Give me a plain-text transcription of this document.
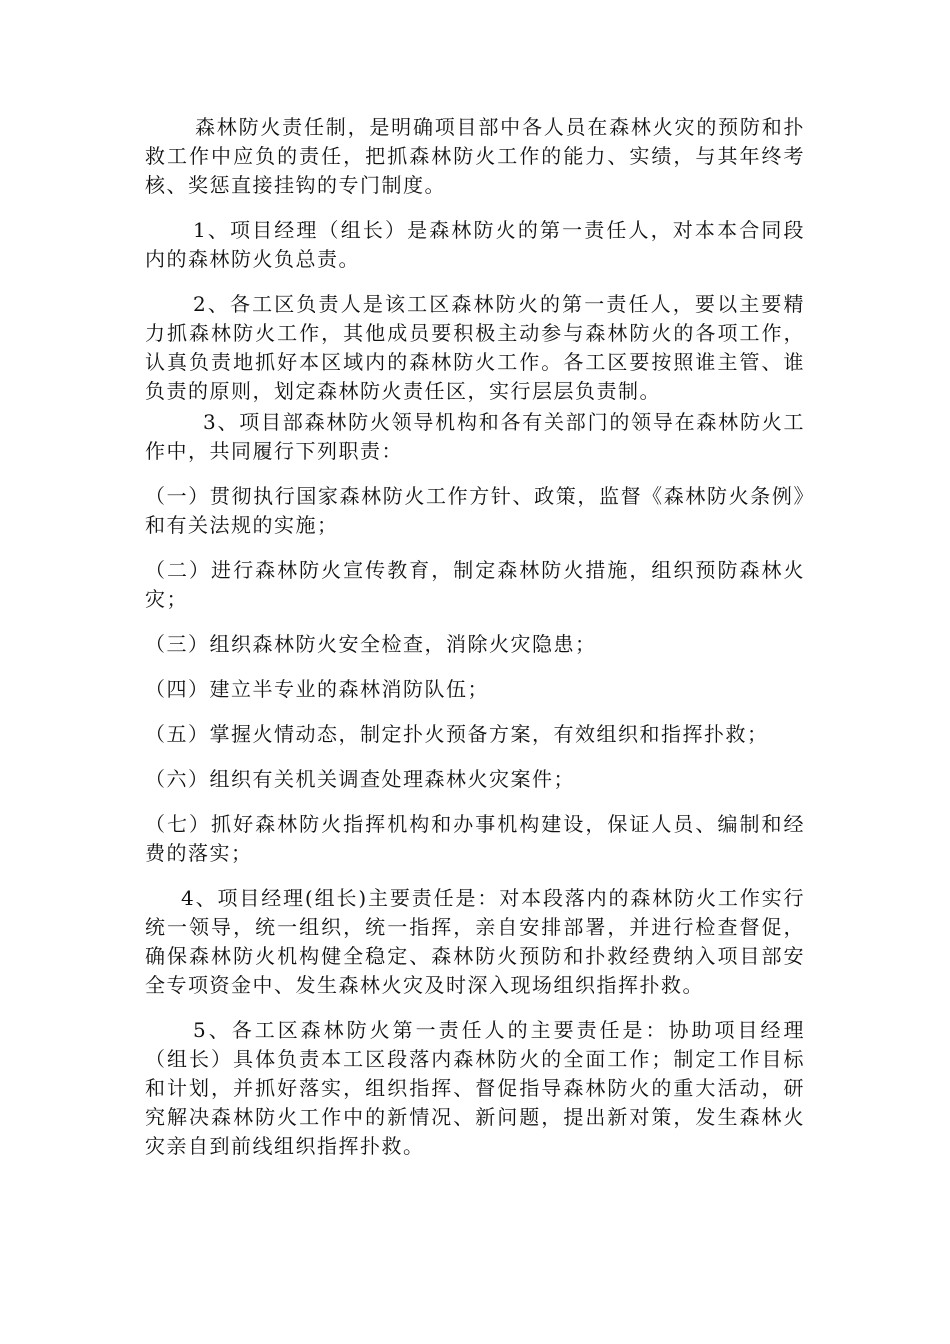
森林防火责任制，是明确项目部中各人员在森林火灾的预防和扑救工作中应负的责任，把抓森林防火工作的能力、实绩，与其年终考核、奖惩直接挂钩的专门制度。

1、项目经理（组长）是森林防火的第一责任人，对本本合同段内的森林防火负总责。

2、各工区负责人是该工区森林防火的第一责任人，要以主要精力抓森林防火工作，其他成员要积极主动参与森林防火的各项工作，认真负责地抓好本区域内的森林防火工作。各工区要按照谁主管、谁负责的原则，划定森林防火责任区，实行层层负责制。

3、项目部森林防火领导机构和各有关部门的领导在森林防火工作中，共同履行下列职责：

（一）贯彻执行国家森林防火工作方针、政策，监督《森林防火条例》和有关法规的实施；

（二）进行森林防火宣传教育，制定森林防火措施，组织预防森林火灾；

（三）组织森林防火安全检查，消除火灾隐患；

（四）建立半专业的森林消防队伍；

（五）掌握火情动态，制定扑火预备方案，有效组织和指挥扑救；

（六）组织有关机关调查处理森林火灾案件；

（七）抓好森林防火指挥机构和办事机构建设，保证人员、编制和经费的落实；

4、项目经理(组长)主要责任是：对本段落内的森林防火工作实行统一领导，统一组织，统一指挥，亲自安排部署，并进行检查督促，确保森林防火机构健全稳定、森林防火预防和扑救经费纳入项目部安全专项资金中、发生森林火灾及时深入现场组织指挥扑救。

5、各工区森林防火第一责任人的主要责任是：协助项目经理（组长）具体负责本工区段落内森林防火的全面工作；制定工作目标和计划，并抓好落实，组织指挥、督促指导森林防火的重大活动，研究解决森林防火工作中的新情况、新问题，提出新对策，发生森林火灾亲自到前线组织指挥扑救。
